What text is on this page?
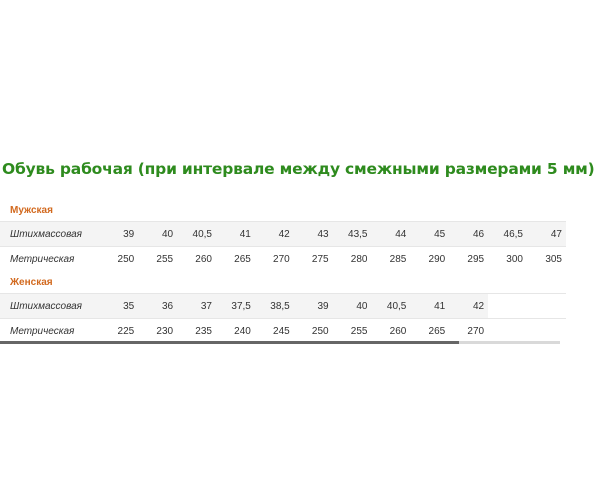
Обувь рабочая (при интервале между смежными размерами 5 мм)
Мужская												
Штихмассовая	39	40	40,5	41	42	43	43,5	44	45	46	46,5	47
Метрическая	250	255	260	265	270	275	280	285	290	295	300	305
Женская												
Штихмассовая	35	36	37	37,5	38,5	39	40	40,5	41	42		
Метрическая	225	230	235	240	245	250	255	260	265	270		
